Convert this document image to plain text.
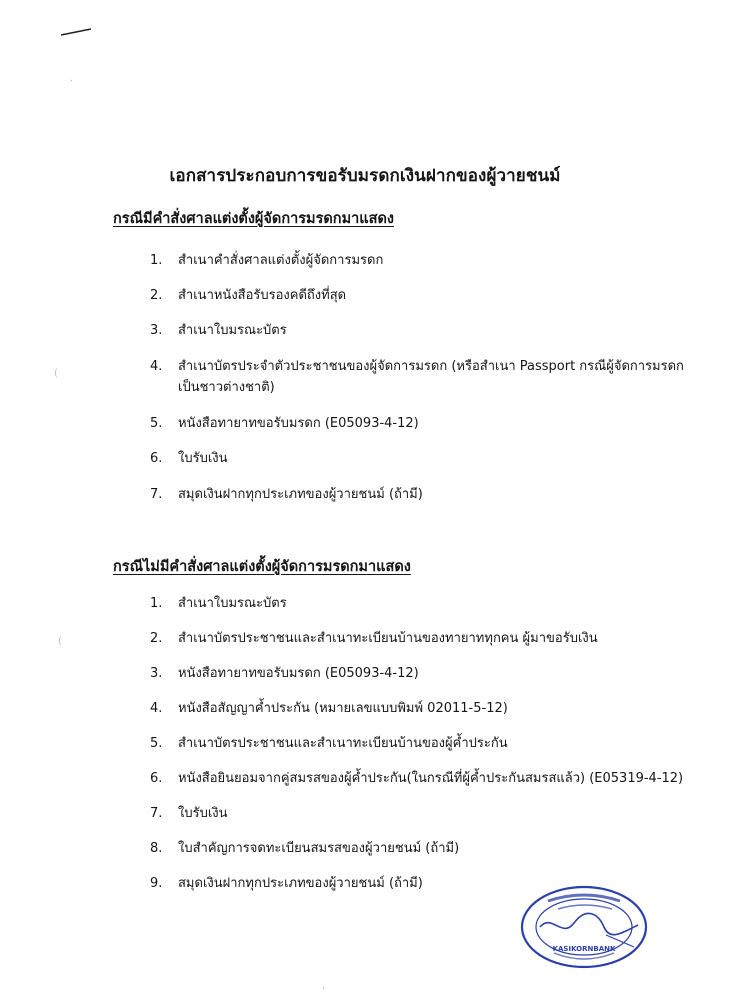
·
(
(
เอกสารประกอบการขอรับมรดกเงินฝากของผู้วายชนม์
กรณีมีคำสั่งศาลแต่งตั้งผู้จัดการมรดกมาแสดง
1.	สำเนาคำสั่งศาลแต่งตั้งผู้จัดการมรดก
2.	สำเนาหนังสือรับรองคดีถึงที่สุด
3.	สำเนาใบมรณะบัตร
4.	สำเนาบัตรประจำตัวประชาชนของผู้จัดการมรดก (หรือสำเนา Passport กรณีผู้จัดการมรดกเป็นชาวต่างชาติ)
5.	หนังสือทายาทขอรับมรดก (E05093-4-12)
6.	ใบรับเงิน
7.	สมุดเงินฝากทุกประเภทของผู้วายชนม์ (ถ้ามี)
กรณีไม่มีคำสั่งศาลแต่งตั้งผู้จัดการมรดกมาแสดง
1.	สำเนาใบมรณะบัตร
2.	สำเนาบัตรประชาชนและสำเนาทะเบียนบ้านของทายาททุกคน ผู้มาขอรับเงิน
3.	หนังสือทายาทขอรับมรดก (E05093-4-12)
4.	หนังสือสัญญาค้ำประกัน (หมายเลขแบบพิมพ์ 02011-5-12)
5.	สำเนาบัตรประชาชนและสำเนาทะเบียนบ้านของผู้ค้ำประกัน
6.	หนังสือยินยอมจากคู่สมรสของผู้ค้ำประกัน(ในกรณีที่ผู้ค้ำประกันสมรสแล้ว) (E05319-4-12)
7.	ใบรับเงิน
8.	ใบสำคัญการจดทะเบียนสมรสของผู้วายชนม์ (ถ้ามี)
9.	สมุดเงินฝากทุกประเภทของผู้วายชนม์ (ถ้ามี)
KASIKORNBANK
'
